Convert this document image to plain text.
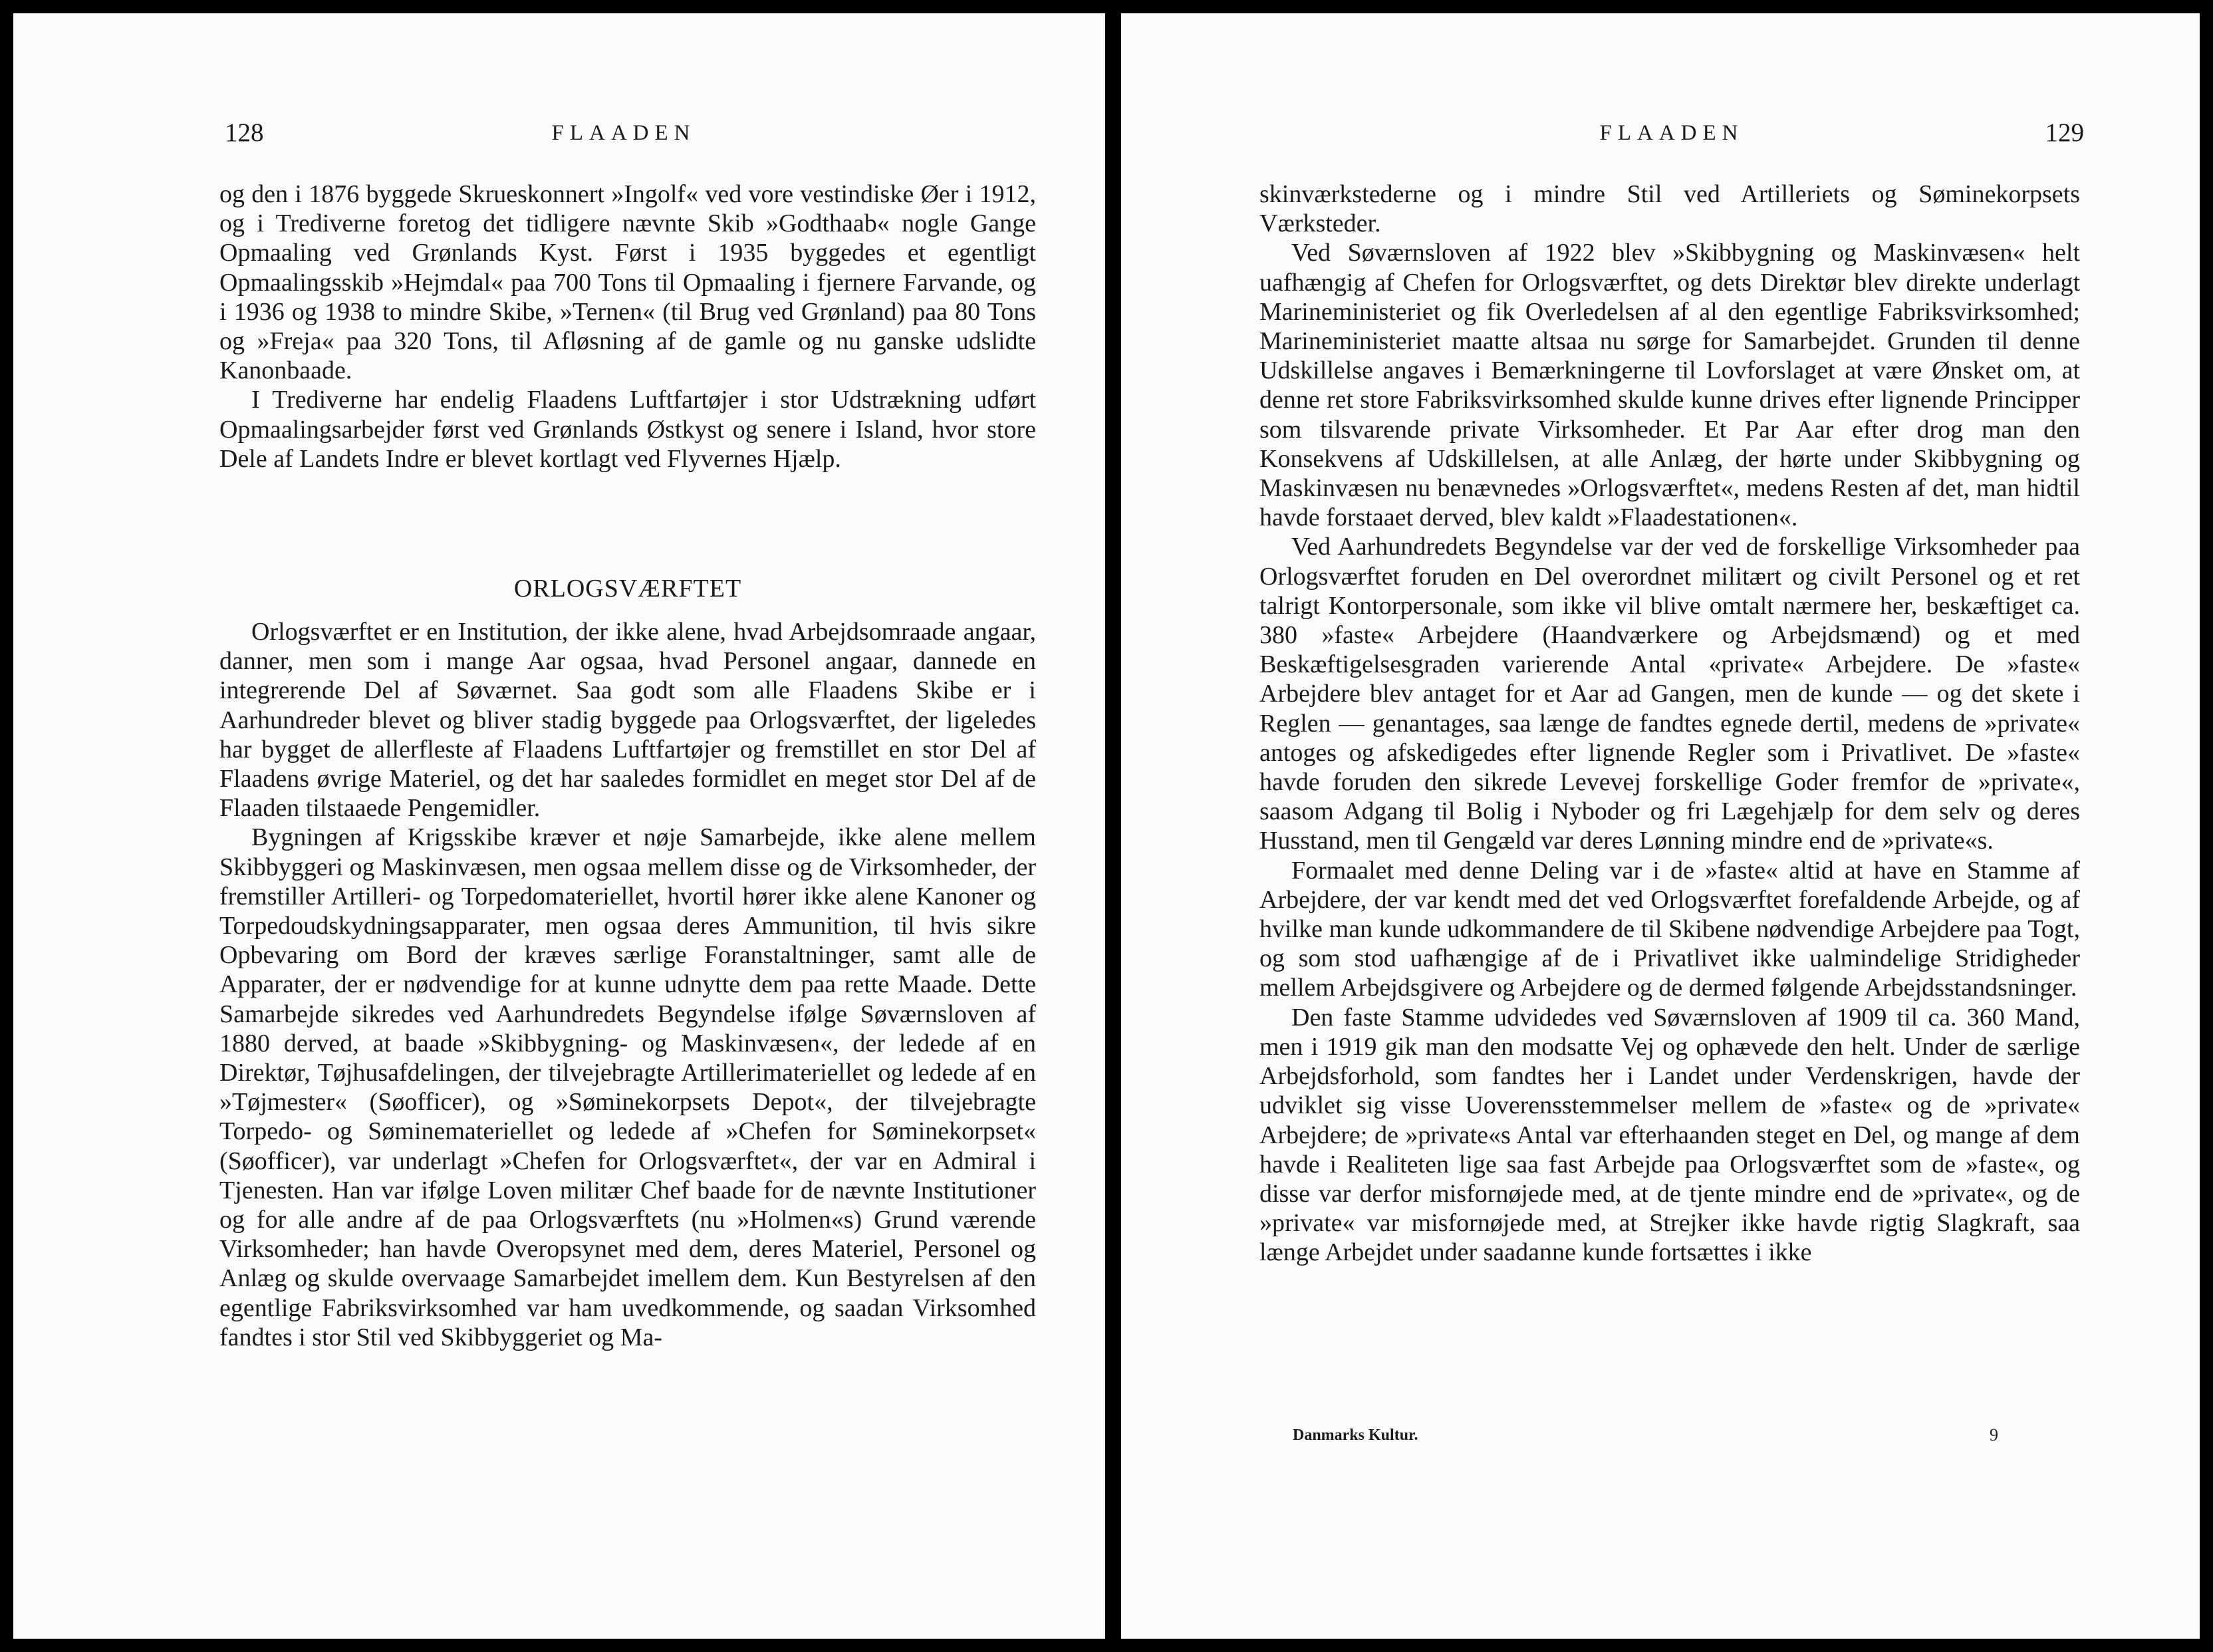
128	FLAADEN

og den i 1876 byggede Skrueskonnert »Ingolf« ved vore vestindiske Øer i 1912, og i Trediverne foretog det tidligere nævnte Skib »Godthaab« nogle Gange Opmaaling ved Grønlands Kyst. Først i 1935 byggedes et egentligt Opmaalingsskib »Hejmdal« paa 700 Tons til Opmaaling i fjernere Farvande, og i 1936 og 1938 to mindre Skibe, »Ternen« (til Brug ved Grønland) paa 80 Tons og »Freja« paa 320 Tons, til Afløsning af de gamle og nu ganske udslidte Kanonbaade.

I Trediverne har endelig Flaadens Luftfartøjer i stor Udstrækning udført Opmaalingsarbejder først ved Grønlands Østkyst og senere i Island, hvor store Dele af Landets Indre er blevet kortlagt ved Flyvernes Hjælp.

ORLOGSVÆRFTET

Orlogsværftet er en Institution, der ikke alene, hvad Arbejdsomraade angaar, danner, men som i mange Aar ogsaa, hvad Personel angaar, dannede en integrerende Del af Søværnet. Saa godt som alle Flaadens Skibe er i Aarhundreder blevet og bliver stadig byggede paa Orlogsværftet, der ligeledes har bygget de allerfleste af Flaadens Luftfartøjer og fremstillet en stor Del af Flaadens øvrige Materiel, og det har saaledes formidlet en meget stor Del af de Flaaden tilstaaede Pengemidler.

Bygningen af Krigsskibe kræver et nøje Samarbejde, ikke alene mellem Skibbyggeri og Maskinvæsen, men ogsaa mellem disse og de Virksomheder, der fremstiller Artilleri- og Torpedomateriellet, hvortil hører ikke alene Kanoner og Torpedoudskydningsapparater, men ogsaa deres Ammunition, til hvis sikre Opbevaring om Bord der kræves særlige Foranstaltninger, samt alle de Apparater, der er nødvendige for at kunne udnytte dem paa rette Maade. Dette Samarbejde sikredes ved Aarhundredets Begyndelse ifølge Søværnsloven af 1880 derved, at baade »Skibbygning- og Maskinvæsen«, der ledede af en Direktør, Tøjhusafdelingen, der tilvejebragte Artillerimateriellet og ledede af en »Tøjmester« (Søofficer), og »Søminekorpsets Depot«, der tilvejebragte Torpedo- og Søminemateriellet og ledede af »Chefen for Søminekorpset« (Søofficer), var underlagt »Chefen for Orlogsværftet«, der var en Admiral i Tjenesten. Han var ifølge Loven militær Chef baade for de nævnte Institutioner og for alle andre af de paa Orlogsværftets (nu »Holmen«s) Grund værende Virksomheder; han havde Overopsynet med dem, deres Materiel, Personel og Anlæg og skulde overvaage Samarbejdet imellem dem. Kun Bestyrelsen af den egentlige Fabriksvirksomhed var ham uvedkommende, og saadan Virksomhed fandtes i stor Stil ved Skibbyggeriet og Ma-

FLAADEN	129

skinværkstederne og i mindre Stil ved Artilleriets og Søminekorpsets Værksteder.

Ved Søværnsloven af 1922 blev »Skibbygning og Maskinvæsen« helt uafhængig af Chefen for Orlogsværftet, og dets Direktør blev direkte underlagt Marineministeriet og fik Overledelsen af al den egentlige Fabriksvirksomhed; Marineministeriet maatte altsaa nu sørge for Samarbejdet. Grunden til denne Udskillelse angaves i Bemærkningerne til Lovforslaget at være Ønsket om, at denne ret store Fabriksvirksomhed skulde kunne drives efter lignende Principper som tilsvarende private Virksomheder. Et Par Aar efter drog man den Konsekvens af Udskillelsen, at alle Anlæg, der hørte under Skibbygning og Maskinvæsen nu benævnedes »Orlogsværftet«, medens Resten af det, man hidtil havde forstaaet derved, blev kaldt »Flaadestationen«.

Ved Aarhundredets Begyndelse var der ved de forskellige Virksomheder paa Orlogsværftet foruden en Del overordnet militært og civilt Personel og et ret talrigt Kontorpersonale, som ikke vil blive omtalt nærmere her, beskæftiget ca. 380 »faste« Arbejdere (Haandværkere og Arbejdsmænd) og et med Beskæftigelsesgraden varierende Antal «private« Arbejdere. De »faste« Arbejdere blev antaget for et Aar ad Gangen, men de kunde — og det skete i Reglen — genantages, saa længe de fandtes egnede dertil, medens de »private« antoges og afskedigedes efter lignende Regler som i Privatlivet. De »faste« havde foruden den sikrede Levevej forskellige Goder fremfor de »private«, saasom Adgang til Bolig i Nyboder og fri Lægehjælp for dem selv og deres Husstand, men til Gengæld var deres Lønning mindre end de »private«s.

Formaalet med denne Deling var i de »faste« altid at have en Stamme af Arbejdere, der var kendt med det ved Orlogsværftet forefaldende Arbejde, og af hvilke man kunde udkommandere de til Skibene nødvendige Arbejdere paa Togt, og som stod uafhængige af de i Privatlivet ikke ualmindelige Stridigheder mellem Arbejdsgivere og Arbejdere og de dermed følgende Arbejdsstandsninger.

Den faste Stamme udvidedes ved Søværnsloven af 1909 til ca. 360 Mand, men i 1919 gik man den modsatte Vej og ophævede den helt. Under de særlige Arbejdsforhold, som fandtes her i Landet under Verdenskrigen, havde der udviklet sig visse Uoverensstemmelser mellem de »faste« og de »private« Arbejdere; de »private«s Antal var efterhaanden steget en Del, og mange af dem havde i Realiteten lige saa fast Arbejde paa Orlogsværftet som de »faste«, og disse var derfor misfornøjede med, at de tjente mindre end de »private«, og de »private« var misfornøjede med, at Strejker ikke havde rigtig Slagkraft, saa længe Arbejdet under saadanne kunde fortsættes i ikke

Danmarks Kultur.	9
